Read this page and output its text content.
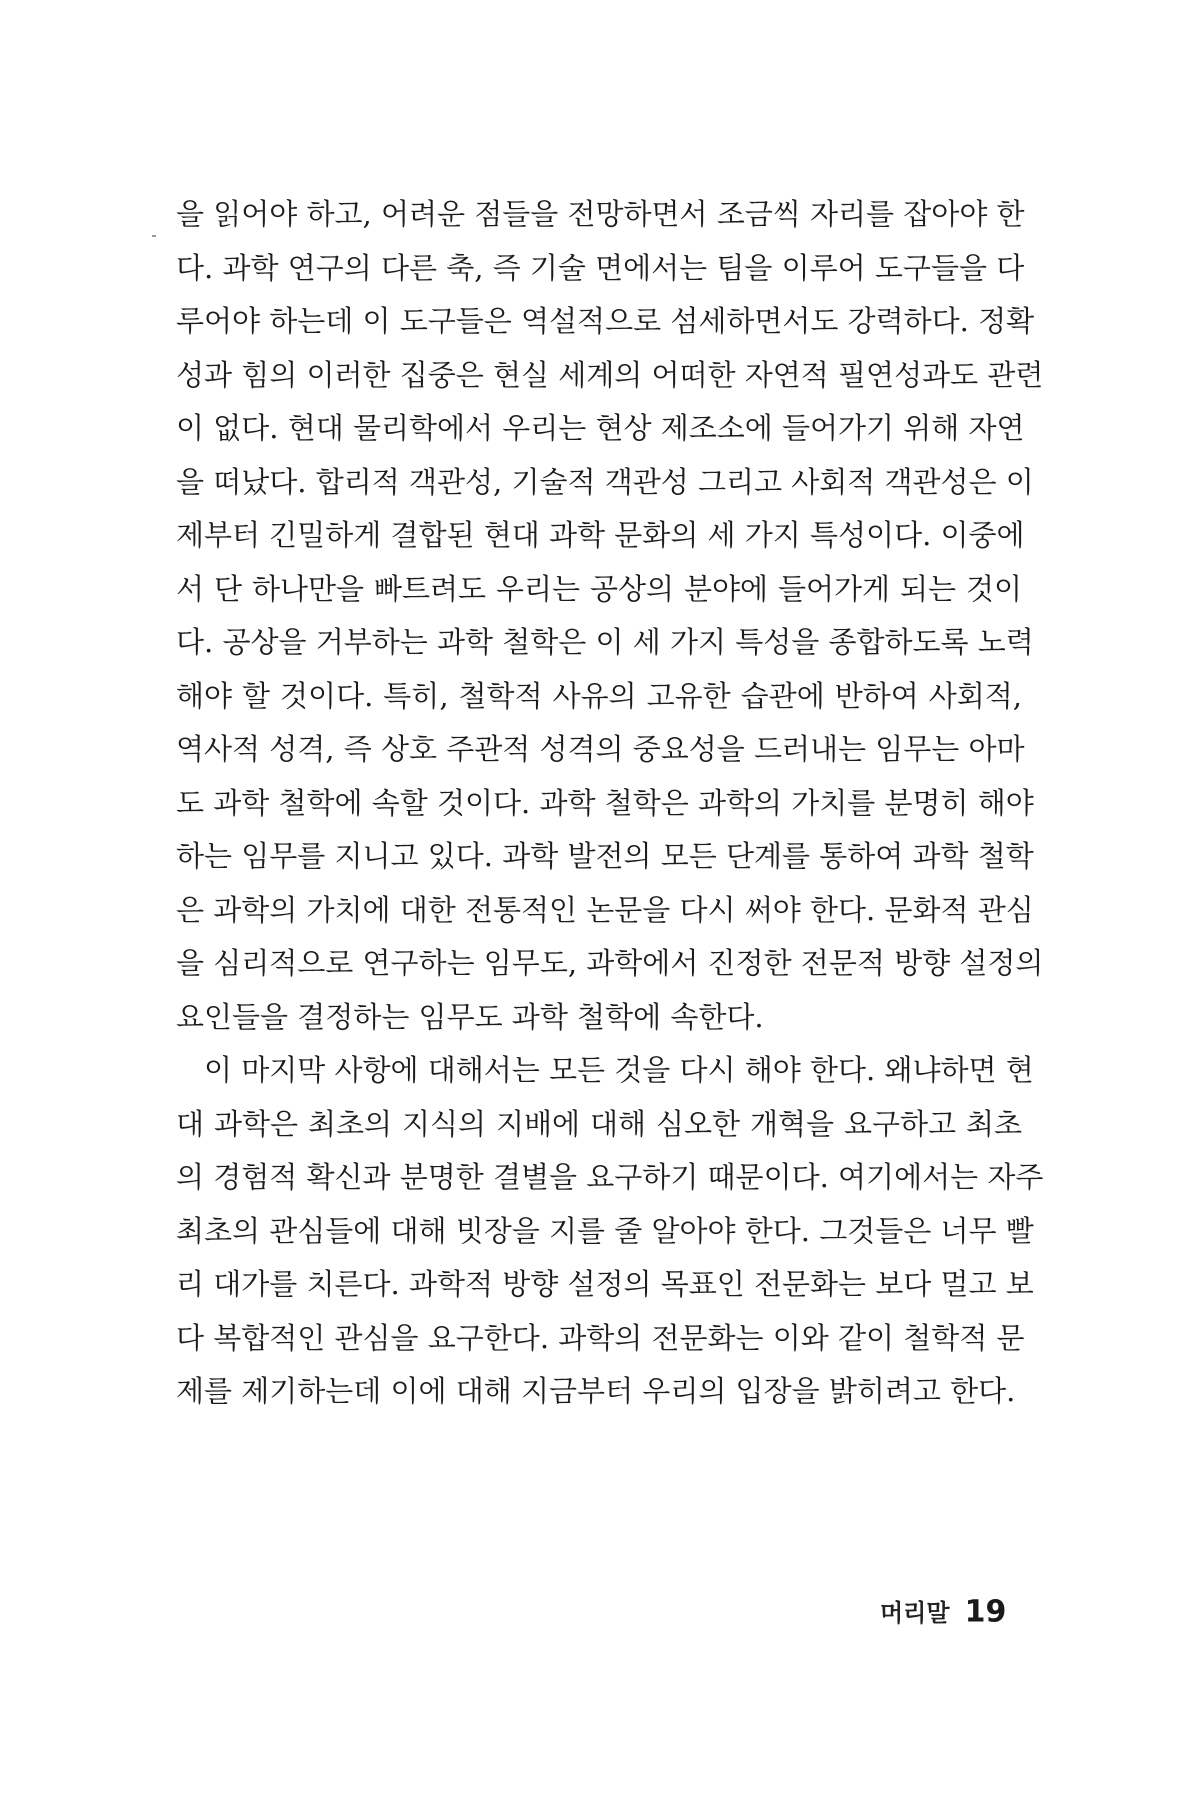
을 읽어야 하고, 어려운 점들을 전망하면서 조금씩 자리를 잡아야 한
다. 과학 연구의 다른 축, 즉 기술 면에서는 팀을 이루어 도구들을 다
루어야 하는데 이 도구들은 역설적으로 섬세하면서도 강력하다. 정확
성과 힘의 이러한 집중은 현실 세계의 어떠한 자연적 필연성과도 관련
이 없다. 현대 물리학에서 우리는 현상 제조소에 들어가기 위해 자연
을 떠났다. 합리적 객관성, 기술적 객관성 그리고 사회적 객관성은 이
제부터 긴밀하게 결합된 현대 과학 문화의 세 가지 특성이다. 이중에
서 단 하나만을 빠트려도 우리는 공상의 분야에 들어가게 되는 것이
다. 공상을 거부하는 과학 철학은 이 세 가지 특성을 종합하도록 노력
해야 할 것이다. 특히, 철학적 사유의 고유한 습관에 반하여 사회적,
역사적 성격, 즉 상호 주관적 성격의 중요성을 드러내는 임무는 아마
도 과학 철학에 속할 것이다. 과학 철학은 과학의 가치를 분명히 해야
하는 임무를 지니고 있다. 과학 발전의 모든 단계를 통하여 과학 철학
은 과학의 가치에 대한 전통적인 논문을 다시 써야 한다. 문화적 관심
을 심리적으로 연구하는 임무도, 과학에서 진정한 전문적 방향 설정의
요인들을 결정하는 임무도 과학 철학에 속한다.
이 마지막 사항에 대해서는 모든 것을 다시 해야 한다. 왜냐하면 현
대 과학은 최초의 지식의 지배에 대해 심오한 개혁을 요구하고 최초
의 경험적 확신과 분명한 결별을 요구하기 때문이다. 여기에서는 자주
최초의 관심들에 대해 빗장을 지를 줄 알아야 한다. 그것들은 너무 빨
리 대가를 치른다. 과학적 방향 설정의 목표인 전문화는 보다 멀고 보
다 복합적인 관심을 요구한다. 과학의 전문화는 이와 같이 철학적 문
제를 제기하는데 이에 대해 지금부터 우리의 입장을 밝히려고 한다.
머리말 19
